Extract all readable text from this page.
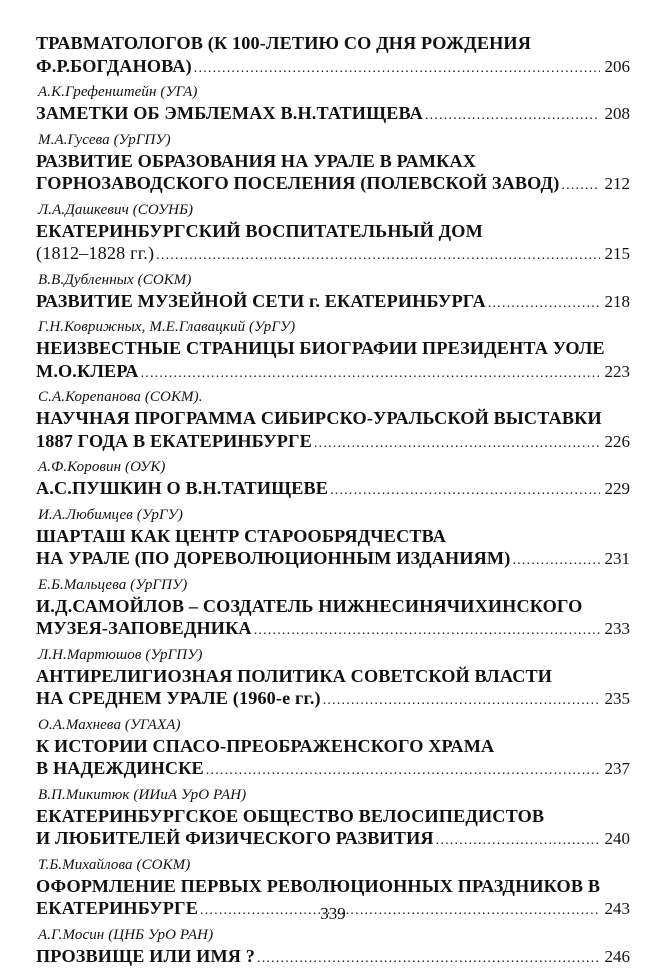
ТРАВМАТОЛОГОВ (К 100-ЛЕТИЮ СО ДНЯ РОЖДЕНИЯ
Ф.Р.БОГДАНОВА) .....	206
А.К.Грефенштейн (УГА)
ЗАМЕТКИ ОБ ЭМБЛЕМАХ В.Н.ТАТИЩЕВА .....	208
М.А.Гусева (УрГПУ)
РАЗВИТИЕ ОБРАЗОВАНИЯ НА УРАЛЕ В РАМКАХ
ГОРНОЗАВОДСКОГО ПОСЕЛЕНИЯ (ПОЛЕВСКОЙ ЗАВОД) .....	212
Л.А.Дашкевич (СОУНБ)
ЕКАТЕРИНБУРГСКИЙ ВОСПИТАТЕЛЬНЫЙ ДОМ
(1812–1828 гг.) .....	215
В.В.Дубленных (СОКМ)
РАЗВИТИЕ МУЗЕЙНОЙ СЕТИ г. ЕКАТЕРИНБУРГА .....	218
Г.Н.Коврижных, М.Е.Главацкий (УрГУ)
НЕИЗВЕСТНЫЕ СТРАНИЦЫ БИОГРАФИИ ПРЕЗИДЕНТА УОЛЕ
М.О.КЛЕРА .....	223
С.А.Корепанова (СОКМ).
НАУЧНАЯ ПРОГРАММА СИБИРСКО-УРАЛЬСКОЙ ВЫСТАВКИ
1887 ГОДА В ЕКАТЕРИНБУРГЕ .....	226
А.Ф.Коровин (ОУК)
А.С.ПУШКИН О В.Н.ТАТИЩЕВЕ .....	229
И.А.Любимцев (УрГУ)
ШАРТАШ КАК ЦЕНТР СТАРООБРЯДЧЕСТВА
НА УРАЛЕ (ПО ДОРЕВОЛЮЦИОННЫМ ИЗДАНИЯМ) .....	231
Е.Б.Мальцева (УрГПУ)
И.Д.САМОЙЛОВ – СОЗДАТЕЛЬ НИЖНЕСИНЯЧИХИНСКОГО
МУЗЕЯ-ЗАПОВЕДНИКА .....	233
Л.Н.Мартюшов (УрГПУ)
АНТИРЕЛИГИОЗНАЯ ПОЛИТИКА СОВЕТСКОЙ ВЛАСТИ
НА СРЕДНЕМ УРАЛЕ (1960-е гг.) .....	235
О.А.Махнева (УГАХА)
К ИСТОРИИ СПАСО-ПРЕОБРАЖЕНСКОГО ХРАМА
В НАДЕЖДИНСКЕ .....	237
В.П.Микитюк (ИИиА УрО РАН)
ЕКАТЕРИНБУРГСКОЕ ОБЩЕСТВО ВЕЛОСИПЕДИСТОВ
И ЛЮБИТЕЛЕЙ ФИЗИЧЕСКОГО РАЗВИТИЯ .....	240
Т.Б.Михайлова (СОКМ)
ОФОРМЛЕНИЕ ПЕРВЫХ РЕВОЛЮЦИОННЫХ ПРАЗДНИКОВ В
ЕКАТЕРИНБУРГЕ .....	243
А.Г.Мосин (ЦНБ УрО РАН)
ПРОЗВИЩЕ ИЛИ ИМЯ ? .....	246
339
